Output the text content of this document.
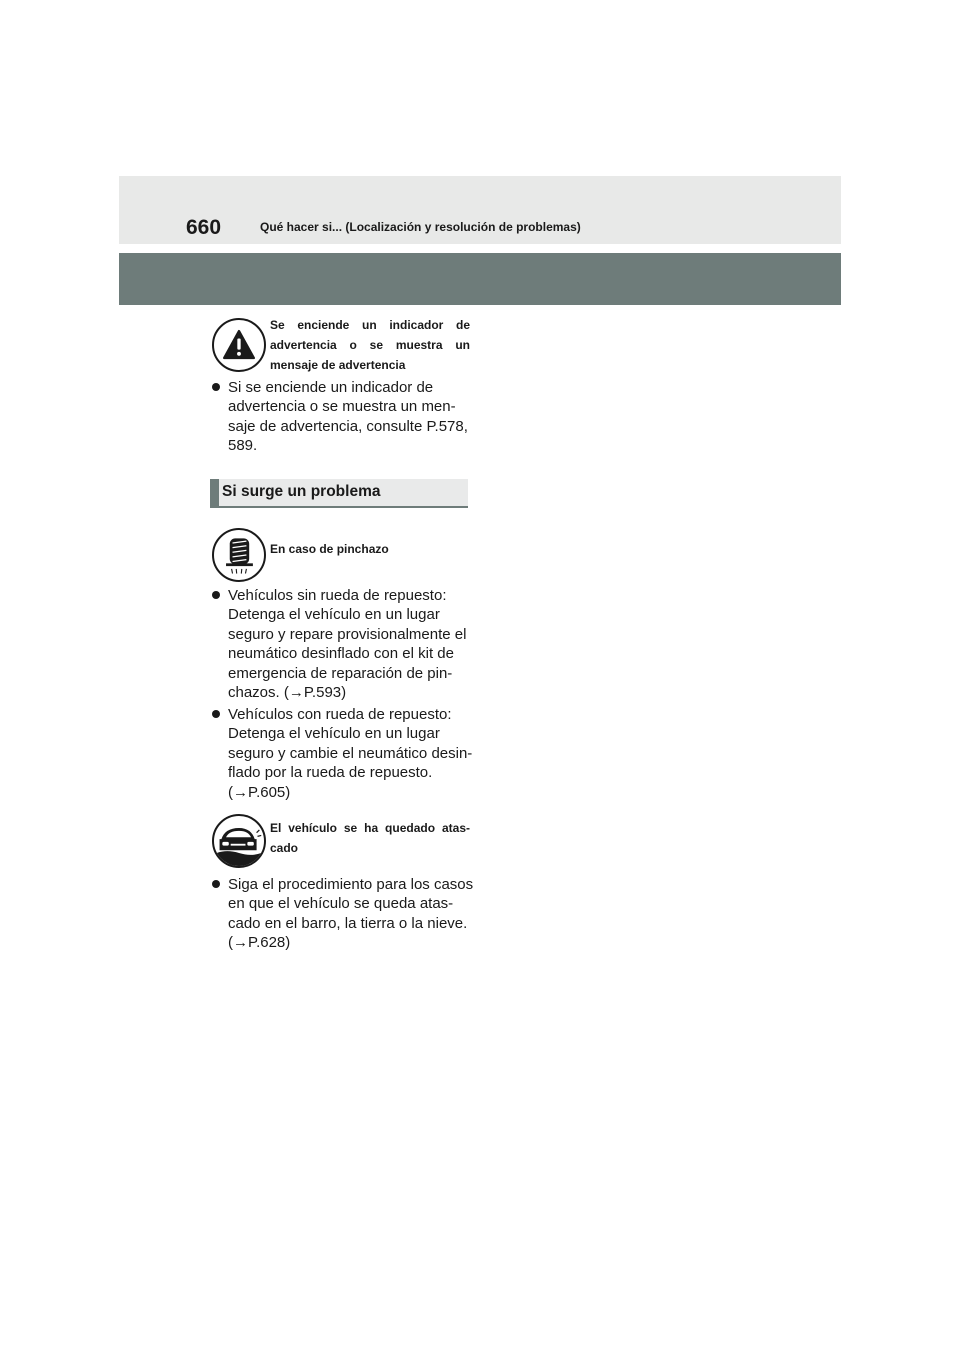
660	Qué hacer si... (Localización y resolución de problemas)
Se enciende un indicador de advertencia o se muestra un mensaje de advertencia
Si se enciende un indicador de advertencia o se muestra un men- saje de advertencia, consulte P.578, 589.
Si surge un problema
En caso de pinchazo
Vehículos sin rueda de repuesto: Detenga el vehículo en un lugar seguro y repare provisionalmente el neumático desinflado con el kit de emergencia de reparación de pin- chazos. (→P.593)
Vehículos con rueda de repuesto: Detenga el vehículo en un lugar seguro y cambie el neumático desin- flado por la rueda de repuesto. (→P.605)
El vehículo se ha quedado atas- cado
Siga el procedimiento para los casos en que el vehículo se queda atas- cado en el barro, la tierra o la nieve. (→P.628)
